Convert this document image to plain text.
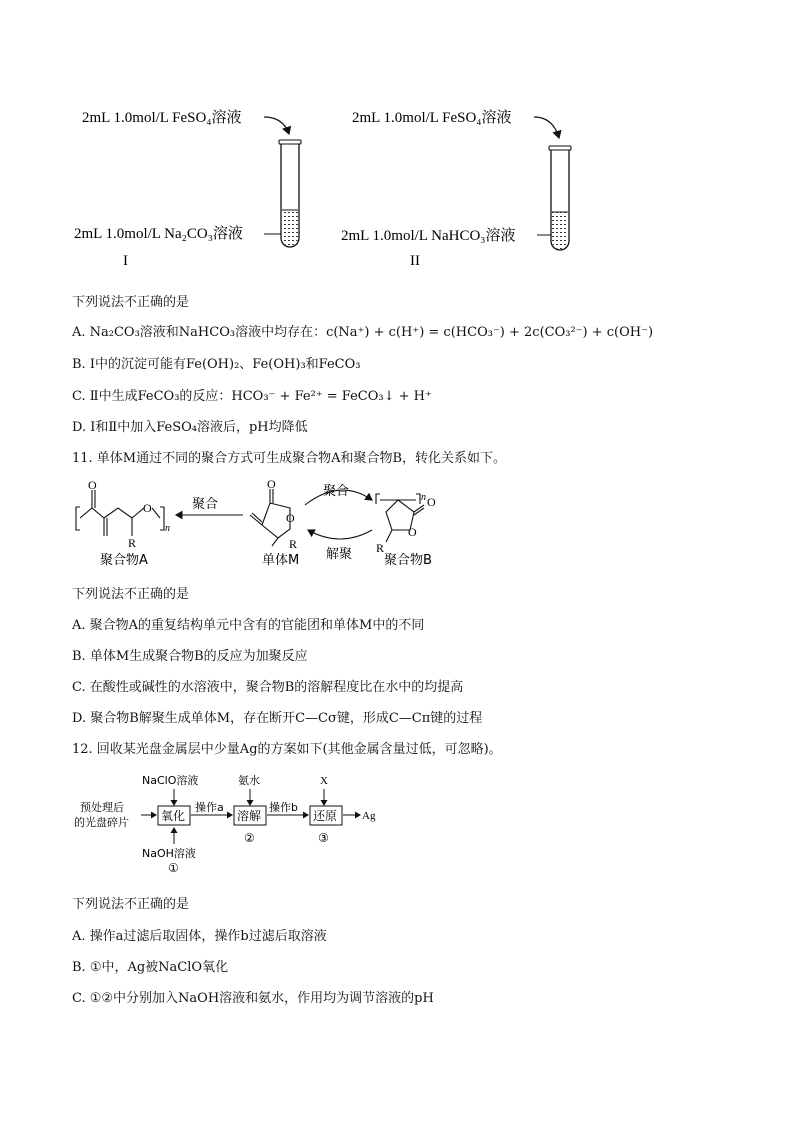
2mL 1.0mol/L FeSO₄溶液
2mL 1.0mol/L Na₂CO₃溶液
I
2mL 1.0mol/L FeSO₄溶液
2mL 1.0mol/L NaHCO₃溶液
II
下列说法不正确的是
A. Na₂CO₃溶液和NaHCO₃溶液中均存在：c(Na⁺) + c(H⁺) = c(HCO₃⁻) + 2c(CO₃²⁻) + c(OH⁻)
B. Ⅰ中的沉淀可能有Fe(OH)₂、Fe(OH)₃和FeCO₃
C. Ⅱ中生成FeCO₃的反应：HCO₃⁻ + Fe²⁺ = FeCO₃↓ + H⁺
D. Ⅰ和Ⅱ中加入FeSO₄溶液后，pH均降低
11. 单体M通过不同的聚合方式可生成聚合物A和聚合物B，转化关系如下。
O
O
R
n
聚合物A
聚合
O
O
R
单体M
聚合
解聚
O
O
R
n
聚合物B
下列说法不正确的是
A. 聚合物A的重复结构单元中含有的官能团和单体M中的不同
B. 单体M生成聚合物B的反应为加聚反应
C. 在酸性或碱性的水溶液中，聚合物B的溶解程度比在水中的均提高
D. 聚合物B解聚生成单体M，存在断开C—Cσ键，形成C—Cπ键的过程
12. 回收某光盘金属层中少量Ag的方案如下(其他金属含量过低，可忽略)。
预处理后
的光盘碎片
NaClO溶液
氧化
NaOH溶液
①
操作a
氨水
溶解
②
操作b
X
还原
③
Ag
下列说法不正确的是
A. 操作a过滤后取固体，操作b过滤后取溶液
B. ①中，Ag被NaClO氧化
C. ①②中分别加入NaOH溶液和氨水，作用均为调节溶液的pH
